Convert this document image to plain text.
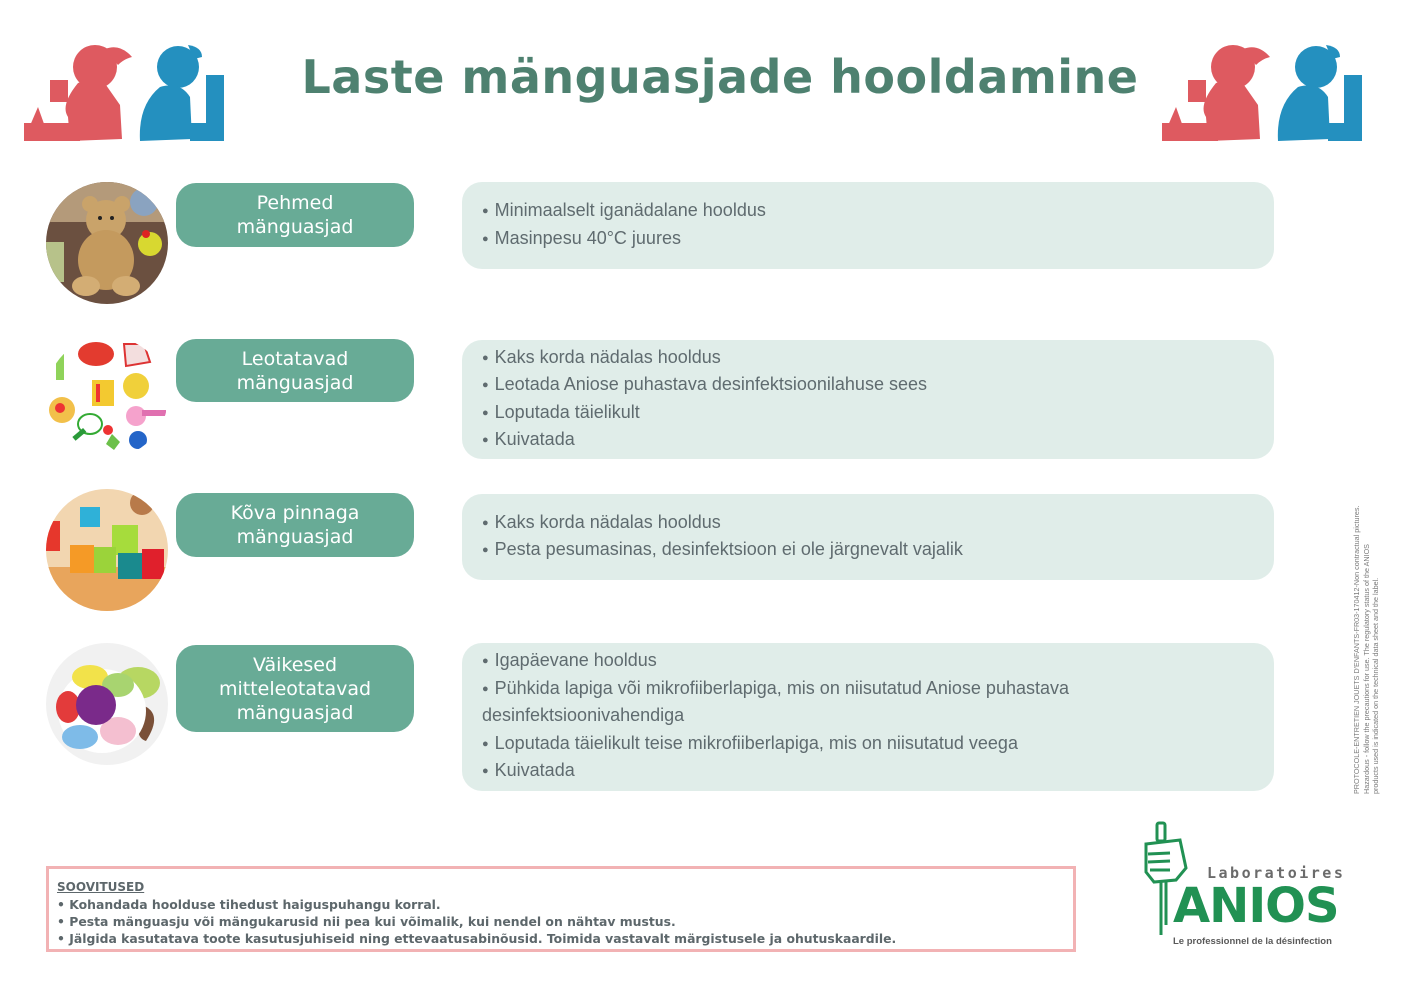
Laste mänguasjade hooldamine
Pehmed
mänguasjad
● Minimaalselt iganädalane hooldus
● Masinpesu 40°C juures
Leotatavad
mänguasjad
● Kaks korda nädalas hooldus
● Leotada Aniose puhastava desinfektsioonilahuse sees
● Loputada täielikult
● Kuivatada
Kõva pinnaga
mänguasjad
● Kaks korda nädalas hooldus
● Pesta pesumasinas, desinfektsioon ei ole järgnevalt vajalik
Väikesed
mitteleotatavad
mänguasjad
● Igapäevane hooldus
● Pühkida lapiga või mikrofiiberlapiga, mis on niisutatud Aniose puhastava
desinfektsioonivahendiga
● Loputada täielikult teise mikrofiiberlapiga, mis on niisutatud veega
● Kuivatada	PROTOCOLE-ENTRETIEN JOUETS D'ENFANTS-FR03-170412-Non contractual pictures. Hazardous - follow the precautions for use. The regulatory status of the ANIOS products used is indicated on the technical data sheet and the label.
SOOVITUSED
• Kohandada hoolduse tihedust haiguspuhangu korral.
• Pesta mänguasju või mängukarusid nii pea kui võimalik, kui nendel on nähtav mustus.
• Jälgida kasutatava toote kasutusjuhiseid ning ettevaatusabinõusid. Toimida vastavalt märgistusele ja ohutuskaardile.
Laboratoires
ANIOS
Le professionnel de la désinfection
